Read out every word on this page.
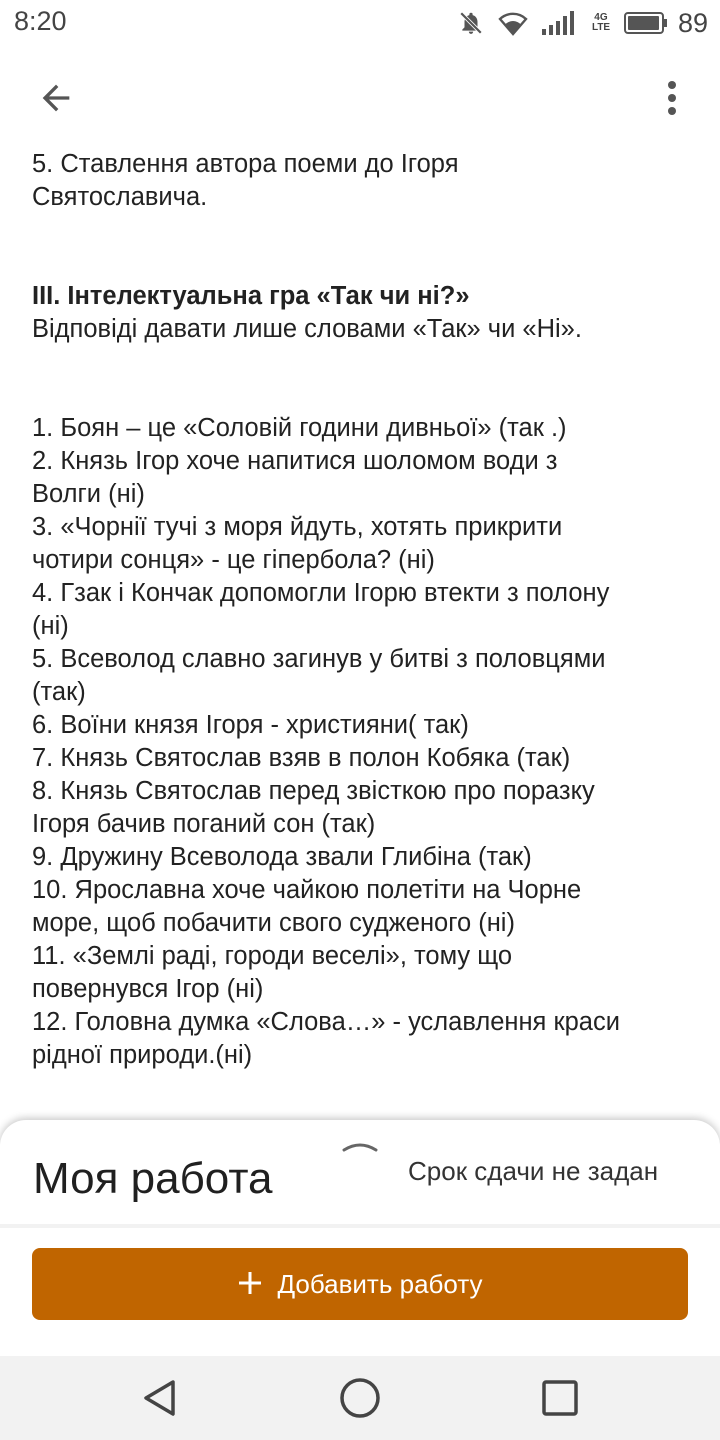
8:20	4G
LTE	89
5. Ставлення автора поеми до Ігоря
Святославича.
ІІІ. Інтелектуальна гра «Так чи ні?»
Відповіді давати лише словами «Так» чи «Ні».
1. Боян – це «Соловій години дивньої» (так .)
2. Князь Ігор хоче напитися шоломом води з
Волги (ні)
3. «Чорнії тучі з моря йдуть, хотять прикрити
чотири сонця» - це гіпербола? (ні)
4. Гзак і Кончак допомогли Ігорю втекти з полону
(ні)
5. Всеволод славно загинув у битві з половцями
(так)
6. Воїни князя Ігоря - християни( так)
7. Князь Святослав взяв в полон Кобяка (так)
8. Князь Святослав перед звісткою про поразку
Ігоря бачив поганий сон (так)
9. Дружину Всеволода звали Глибіна (так)
10. Ярославна хоче чайкою полетіти на Чорне
море, щоб побачити свого судженого (ні)
11. «Землі раді, городи веселі», тому що
повернувся Ігор (ні)
12. Головна думка «Слова…» - уславлення краси
рідної природи.(ні)
Моя работа	Срок сдачи не задан
Добавить работу
